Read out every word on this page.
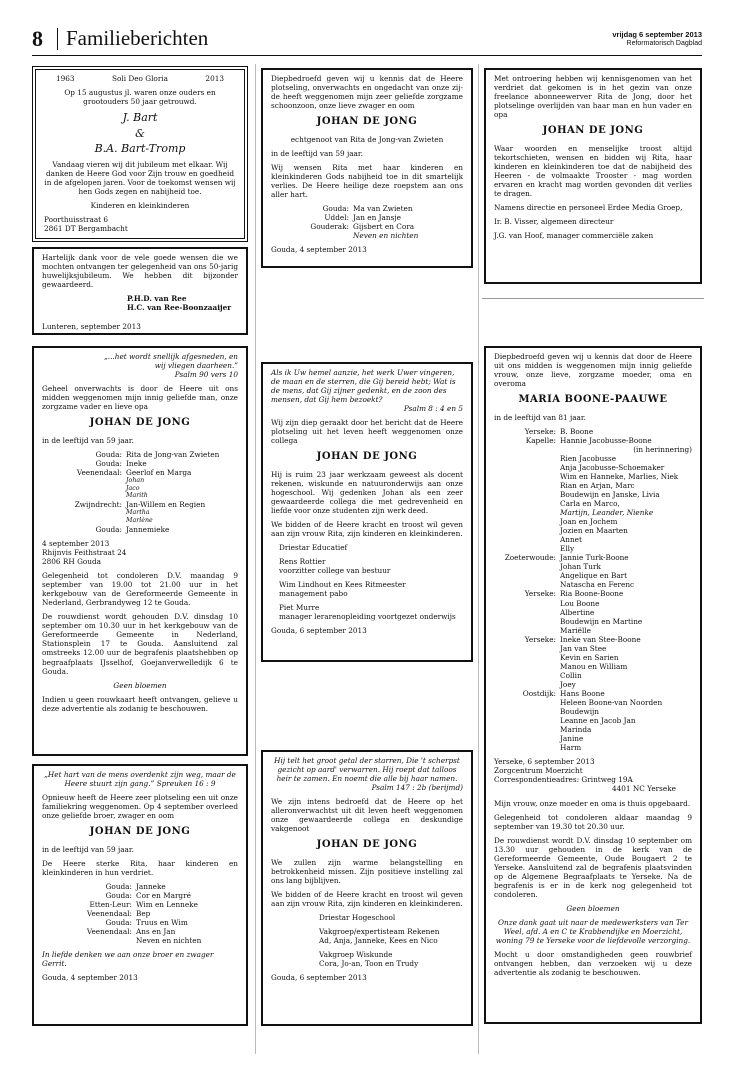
8 Familieberichten	vrijdag 6 september 2013
Reformatorisch Dagblad
1963	Soli Deo Gloria	2013

Op 15 augustus jl. waren onze ouders en grootouders 50 jaar getrouwd.

J. Bart
&
B.A. Bart-Tromp

Vandaag vieren wij dit jubileum met elkaar. Wij danken de Heere God voor Zijn trouw en goedheid in de afgelopen jaren. Voor de toekomst wensen wij hen Gods zegen en nabijheid toe.

Kinderen en kleinkinderen

Poorthuisstraat 6
2861 DT Bergambacht

Hartelijk dank voor de vele goede wensen die we mochten ontvangen ter gelegenheid van ons 50-jarig huwelijksjubileum. We hebben dit bijzonder gewaardeerd.

P.H.D. van Ree
H.C. van Ree-Boonzaaijer
Lunteren, september 2013

Diepbedroefd geven wij u kennis dat de Heere plotseling, onverwachts en ongedacht van onze zij-de heeft weggenomen mijn zeer geliefde zorgzame schoonzoon, onze lieve zwager en oom

JOHAN DE JONG
echtgenoot van Rita de Jong-van Zwieten

in de leeftijd van 59 jaar.

Wij wensen Rita met haar kinderen en kleinkinderen Gods nabijheid toe in dit smartelijk verlies. De Heere heilige deze roepstem aan ons aller hart.

Gouda: Ma van Zwieten
Uddel: Jan en Jansje
Gouderak: Gijsbert en Cora
Neven en nichten
Gouda, 4 september 2013

Met ontroering hebben wij kennisgenomen van het verdriet dat gekomen is in het gezin van onze freelance abonneewerver Rita de Jong, door het plotselinge overlijden van haar man en hun vader en opa

JOHAN DE JONG

Waar woorden en menselijke troost altijd tekortschieten, wensen en bidden wij Rita, haar kinderen en kleinkinderen toe dat de nabijheid des Heeren - de volmaakte Trooster - mag worden ervaren en kracht mag worden gevonden dit verlies te dragen.

Namens directie en personeel Erdee Media Groep,

Ir. B. Visser, algemeen directeur

J.G. van Hoof, manager commerciële zaken

„...het wordt snellijk afgesneden, en wij vliegen daarheen.”

Psalm 90 vers 10

Geheel onverwachts is door de Heere uit ons midden weggenomen mijn innig geliefde man, onze zorgzame vader en lieve opa

JOHAN DE JONG

in de leeftijd van 59 jaar.

Gouda: Rita de Jong-van Zwieten
Gouda: Ineke
Veenendaal: Geerlof en Marga
Johan
Jaco
Marith
Zwijndrecht: Jan-Willem en Regien
Martha
Marlène
Gouda: Jannemieke
4 september 2013
Rhijnvis Feithstraat 24

2806 RH Gouda

Gelegenheid tot condoleren D.V. maandag 9 september van 19.00 tot 21.00 uur in het kerkgebouw van de Gereformeerde Gemeente in Nederland, Gerbrandyweg 12 te Gouda.

De rouwdienst wordt gehouden D.V. dinsdag 10 september om 10.30 uur in het kerkgebouw van de Gereformeerde Gemeente in Nederland, Stationsplein 17 te Gouda. Aansluitend zal omstreeks 12.00 uur de begrafenis plaatshebben op begraafplaats IJsselhof, Goejanverwelledijk 6 te Gouda.

Geen bloemen

Indien u geen rouwkaart heeft ontvangen, gelieve u deze advertentie als zodanig te beschouwen.

Als ik Uw hemel aanzie, het werk Uwer vingeren, de maan en de sterren, die Gij bereid hebt; Wat is de mens, dat Gij zijner gedenkt, en de zoon des mensen, dat Gij hem bezoekt?

Psalm 8 : 4 en 5

Wij zijn diep geraakt door het bericht dat de Heere plotseling uit het leven heeft weggenomen onze collega

JOHAN DE JONG

Hij is ruim 23 jaar werkzaam geweest als docent rekenen, wiskunde en natuuronderwijs aan onze hogeschool. Wij gedenken Johan als een zeer gewaardeerde collega die met gedrevenheid en liefde voor onze studenten zijn werk deed.

We bidden of de Heere kracht en troost wil geven aan zijn vrouw Rita, zijn kinderen en kleinkinderen.

Driestar Educatief

Rens Rottier

voorzitter college van bestuur

Wim Lindhout en Kees Ritmeester

management pabo

Piet Murre

manager lerarenopleiding voortgezet onderwijs

Gouda, 6 september 2013

Diepbedroefd geven wij u kennis dat door de Heere uit ons midden is weggenomen mijn innig geliefde vrouw, onze lieve, zorgzame moeder, oma en overoma

MARIA BOONE-PAAUWE

in de leeftijd van 81 jaar.

Yerseke: B. Boone
Kapelle: Hannie Jacobusse-Boone
(in herinnering)
Rien Jacobusse
Anja Jacobusse-Schoemaker
Wim en Hanneke, Marlies, Niek
Rian en Arjan, Marc
Boudewijn en Janske, Livia
Carla en Marco,
Martijn, Leander, Nienke
Joan en Jochem
Jozien en Maarten
Annet
Elly
Zoeterwoude: Jannie Turk-Boone
Johan Turk
Angelique en Bart
Natascha en Ferenc
Yerseke: Ria Boone-Boone
Lou Boone
Albertine
Boudewijn en Martine
Mariëlle
Yerseke: Ineke van Stee-Boone
Jan van Stee
Kevin en Sarien
Manou en William
Collin
Joey
Oostdijk: Hans Boone
Heleen Boone-van Noorden
Boudewijn
Leanne en Jacob Jan
Marinda
Janine
Harm
Yerseke, 6 september 2013
Zorgcentrum Moerzicht
Correspondentieadres: Grintweg 19A

4401 NC Yerseke

Mijn vrouw, onze moeder en oma is thuis opgebaard.

Gelegenheid tot condoleren aldaar maandag 9 september van 19.30 tot 20.30 uur.

De rouwdienst wordt D.V. dinsdag 10 september om 13.30 uur gehouden in de kerk van de Gereformeerde Gemeente, Oude Bougaert 2 te Yerseke. Aansluitend zal de begrafenis plaatsvinden op de Algemene Begraafplaats te Yerseke. Na de begrafenis is er in de kerk nog gelegenheid tot condoleren.

Geen bloemen

Onze dank gaat uit naar de medewerksters van Ter Weel, afd. A en C te Krabbendijke en Moerzicht, woning 79 te Yerseke voor de liefdevolle verzorging.

Mocht u door omstandigheden geen rouwbrief ontvangen hebben, dan verzoeken wij u deze advertentie als zodanig te beschouwen.

„Het hart van de mens overdenkt zijn weg, maar de Heere stuurt zijn gang.” Spreuken 16 : 9

Opnieuw heeft de Heere zeer plotseling een uit onze familiekring weggenomen. Op 4 september overleed onze geliefde broer, zwager en oom

JOHAN DE JONG

in de leeftijd van 59 jaar.

De Heere sterke Rita, haar kinderen en kleinkinderen in hun verdriet.

Gouda: Janneke
Gouda: Cor en Margré
Etten-Leur: Wim en Lenneke
Veenendaal: Bep
Gouda: Truus en Wim
Veenendaal: Ans en Jan
Neven en nichten

In liefde denken we aan onze broer en zwager Gerrit.

Gouda, 4 september 2013
Hij telt het groot getal der starren, Die 't scherpst gezicht op aard' verwarren. Hij roept dat talloos heir te zamen. En noemt die alle bij haar namen.

Psalm 147 : 2b (berijmd)

We zijn intens bedroefd dat de Heere op het alleronverwachtst uit dit leven heeft weggenomen onze gewaardeerde collega en deskundige vakgenoot

JOHAN DE JONG

We zullen zijn warme belangstelling en betrokkenheid missen. Zijn positieve instelling zal ons lang bijblijven.

We bidden of de Heere kracht en troost wil geven aan zijn vrouw Rita, zijn kinderen en kleinkinderen.

Driestar Hogeschool

Vakgroep/expertisteam Rekenen

Ad, Anja, Janneke, Kees en Nico

Vakgroep Wiskunde

Cora, Jo-an, Toon en Trudy

Gouda, 6 september 2013
